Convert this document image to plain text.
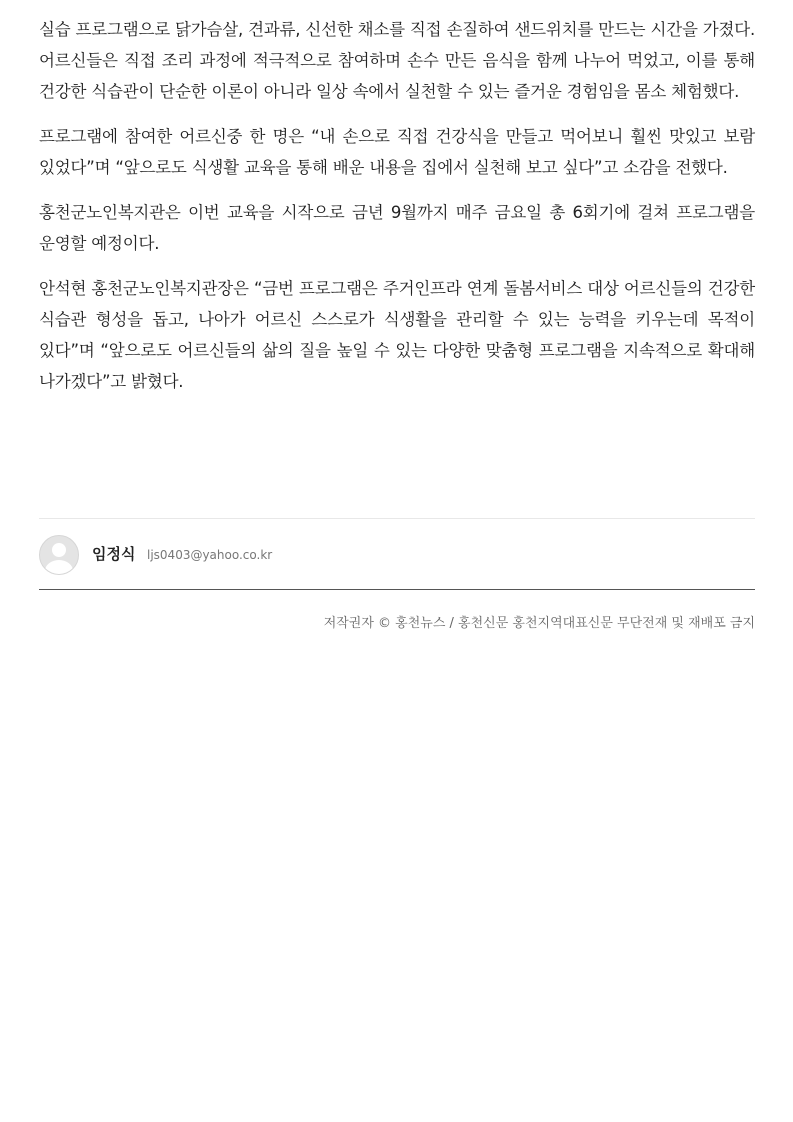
실습 프로그램으로 닭가슴살, 견과류, 신선한 채소를 직접 손질하여 샌드위치를 만드는 시간을 가졌다. 어르신들은 직접 조리 과정에 적극적으로 참여하며 손수 만든 음식을 함께 나누어 먹었고, 이를 통해 건강한 식습관이 단순한 이론이 아니라 일상 속에서 실천할 수 있는 즐거운 경험임을 몸소 체험했다.

프로그램에 참여한 어르신중 한 명은 “내 손으로 직접 건강식을 만들고 먹어보니 훨씬 맛있고 보람 있었다”며 “앞으로도 식생활 교육을 통해 배운 내용을 집에서 실천해 보고 싶다”고 소감을 전했다.

홍천군노인복지관은 이번 교육을 시작으로 금년 9월까지 매주 금요일 총 6회기에 걸쳐 프로그램을 운영할 예정이다.

안석현 홍천군노인복지관장은 “금번 프로그램은 주거인프라 연계 돌봄서비스 대상 어르신들의 건강한 식습관 형성을 돕고, 나아가 어르신 스스로가 식생활을 관리할 수 있는 능력을 키우는데 목적이 있다”며 “앞으로도 어르신들의 삶의 질을 높일 수 있는 다양한 맞춤형 프로그램을 지속적으로 확대해 나가겠다”고 밝혔다.

임정식 ljs0403@yahoo.co.kr
저작권자 © 홍천뉴스 / 홍천신문 홍천지역대표신문 무단전재 및 재배포 금지
